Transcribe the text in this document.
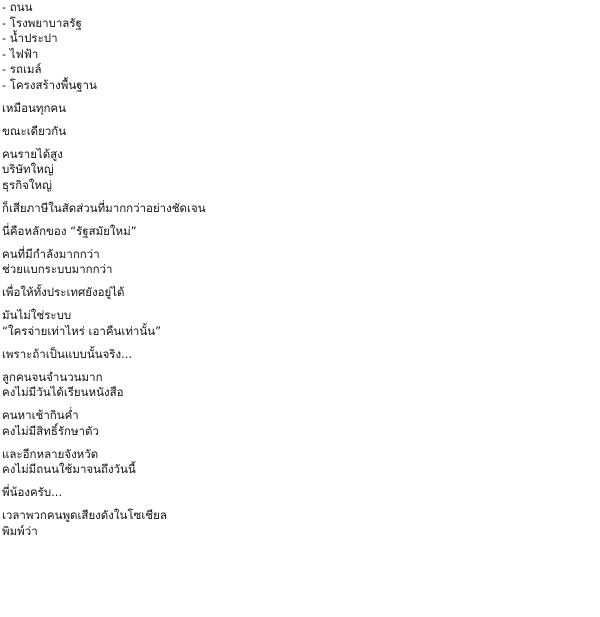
- ถนน
- โรงพยาบาลรัฐ
- น้ำประปา
- ไฟฟ้า
- รถเมล์
- โครงสร้างพื้นฐาน
เหมือนทุกคน
ขณะเดียวกัน
คนรายได้สูง
บริษัทใหญ่
ธุรกิจใหญ่
ก็เสียภาษีในสัดส่วนที่มากกว่าอย่างชัดเจน
นี่คือหลักของ “รัฐสมัยใหม่”
คนที่มีกำลังมากกว่า
ช่วยแบกระบบมากกว่า
เพื่อให้ทั้งประเทศยังอยู่ได้
มันไม่ใช่ระบบ
“ใครจ่ายเท่าไหร่ เอาคืนเท่านั้น”
เพราะถ้าเป็นแบบนั้นจริง...
ลูกคนจนจำนวนมาก
คงไม่มีวันได้เรียนหนังสือ
คนหาเช้ากินค่ำ
คงไม่มีสิทธิ์รักษาตัว
และอีกหลายจังหวัด
คงไม่มีถนนใช้มาจนถึงวันนี้
พี่น้องครับ...
เวลาพวกคนพูดเสียงดังในโซเชียล
พิมพ์ว่า
